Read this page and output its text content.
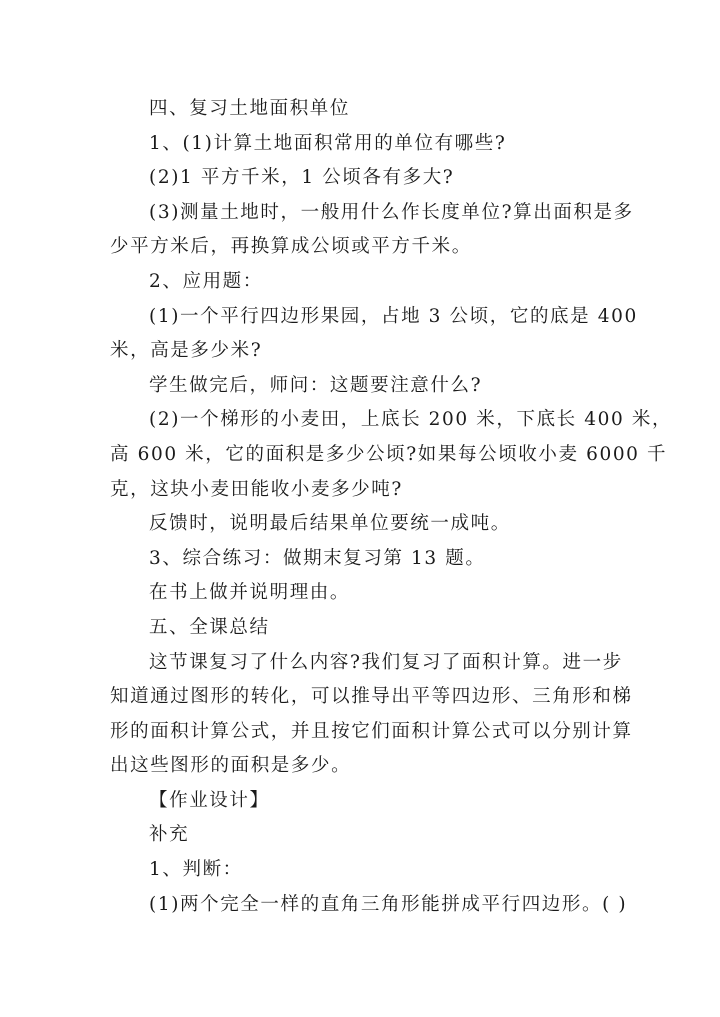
四、复习土地面积单位
1、(1)计算土地面积常用的单位有哪些?
(2)1 平方千米，1 公顷各有多大?
(3)测量土地时，一般用什么作长度单位?算出面积是多
少平方米后，再换算成公顷或平方千米。
2、应用题：
(1)一个平行四边形果园，占地 3 公顷，它的底是 400
米，高是多少米?
学生做完后，师问：这题要注意什么?
(2)一个梯形的小麦田，上底长 200 米，下底长 400 米，
高 600 米，它的面积是多少公顷?如果每公顷收小麦 6000 千
克，这块小麦田能收小麦多少吨?
反馈时，说明最后结果单位要统一成吨。
3、综合练习：做期末复习第 13 题。
在书上做并说明理由。
五、全课总结
这节课复习了什么内容?我们复习了面积计算。进一步
知道通过图形的转化，可以推导出平等四边形、三角形和梯
形的面积计算公式，并且按它们面积计算公式可以分别计算
出这些图形的面积是多少。
【作业设计】
补充
1、判断：
(1)两个完全一样的直角三角形能拼成平行四边形。( )
